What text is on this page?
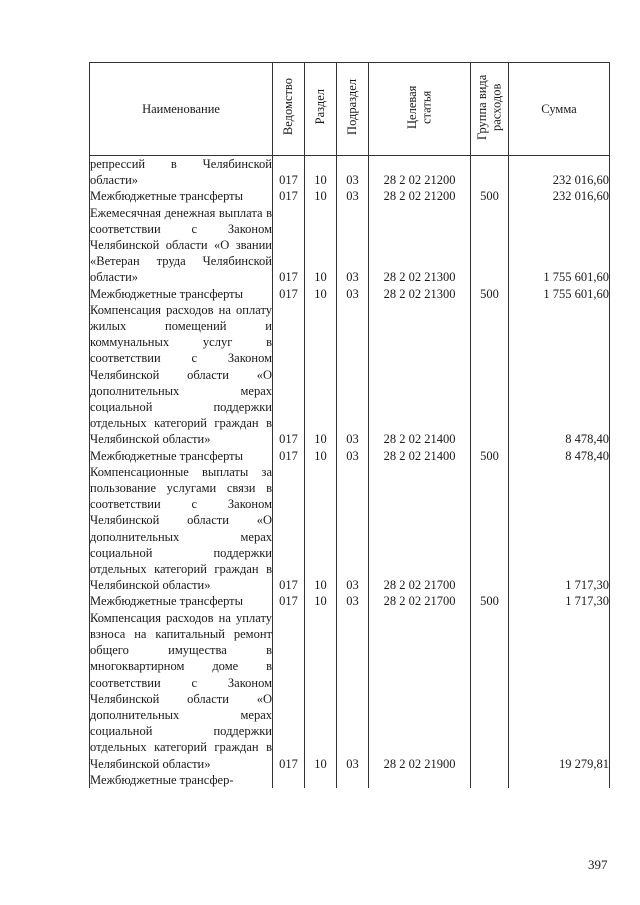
Наименование	Ведомство	Раздел	Подраздел	Целевая статья	Группа вида расходов	Сумма
репрессий в Челябинской области»	017	10	03	28 2 02 21200		232 016,60
Межбюджетные трансферты	017	10	03	28 2 02 21200	500	232 016,60
Ежемесячная денежная выплата в соответствии с Законом Челябинской области «О звании «Ветеран труда Челябинской области»	017	10	03	28 2 02 21300		1 755 601,60
Межбюджетные трансферты	017	10	03	28 2 02 21300	500	1 755 601,60
Компенсация расходов на оплату жилых помещений и коммунальных услуг в соответствии с Законом Челябинской области «О дополнительных мерах социальной поддержки отдельных категорий граждан в Челябинской области»	017	10	03	28 2 02 21400		8 478,40
Межбюджетные трансферты	017	10	03	28 2 02 21400	500	8 478,40
Компенсационные выплаты за пользование услугами связи в соответствии с Законом Челябинской области «О дополнительных мерах социальной поддержки отдельных категорий граждан в Челябинской области»	017	10	03	28 2 02 21700		1 717,30
Межбюджетные трансферты	017	10	03	28 2 02 21700	500	1 717,30
Компенсация расходов на уплату взноса на капитальный ремонт общего имущества в многоквартирном доме в соответствии с Законом Челябинской области «О дополнительных мерах социальной поддержки отдельных категорий граждан в Челябинской области»	017	10	03	28 2 02 21900		19 279,81
Межбюджетные трансфер-						
397
